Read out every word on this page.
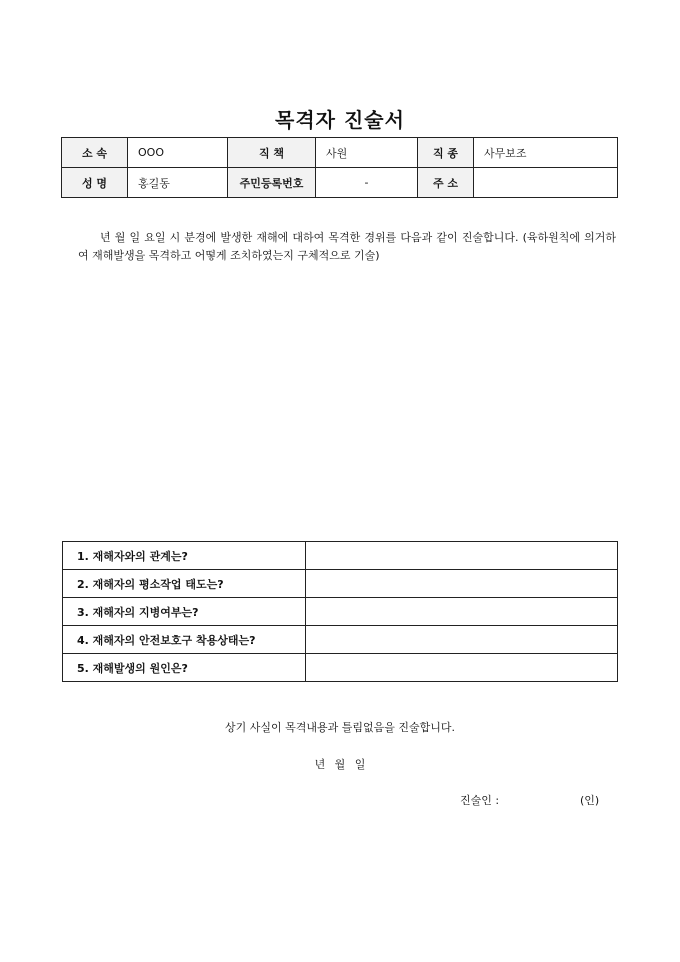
목격자 진술서
소 속	OOO	직 책	사원	직 종	사무보조
성 명	홍길동	주민등록번호	-	주 소	
년 월 일 요일 시 분경에 발생한 재해에 대하여 목격한 경위를 다음과 같이 진술합니다. (육하원칙에 의거하여 재해발생을 목격하고 어떻게 조치하였는지 구체적으로 기술)
1. 재해자와의 관계는?	
2. 재해자의 평소작업 태도는?	
3. 재해자의 지병여부는?	
4. 재해자의 안전보호구 착용상태는?	
5. 재해발생의 원인은?	
상기 사실이 목격내용과 틀림없음을 진술합니다.
년 월 일
진술인 :	(인)
